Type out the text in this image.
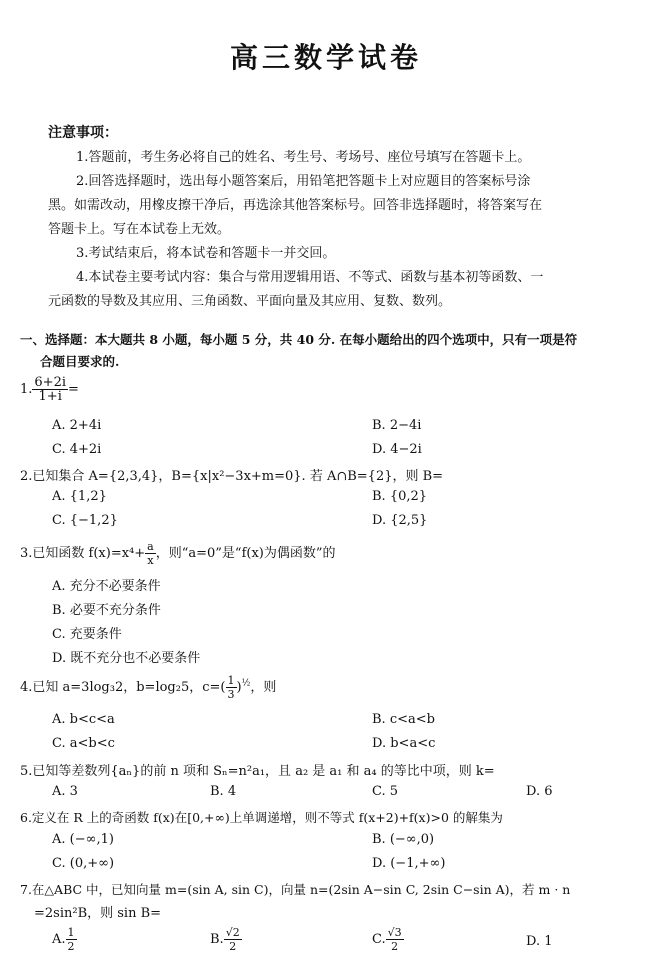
高三数学试卷
注意事项：
1.答题前，考生务必将自己的姓名、考生号、考场号、座位号填写在答题卡上。
2.回答选择题时，选出每小题答案后，用铅笔把答题卡上对应题目的答案标号涂
黑。如需改动，用橡皮擦干净后，再选涂其他答案标号。回答非选择题时，将答案写在
答题卡上。写在本试卷上无效。
3.考试结束后，将本试卷和答题卡一并交回。
4.本试卷主要考试内容：集合与常用逻辑用语、不等式、函数与基本初等函数、一
元函数的导数及其应用、三角函数、平面向量及其应用、复数、数列。
一、选择题：本大题共 8 小题，每小题 5 分，共 40 分. 在每小题给出的四个选项中，只有一项是符
合题目要求的.
1. $\frac{6+2i}{1+i}$ =
A. 2+4i	B. 2−4i
C. 4+2i	D. 4−2i
2.已知集合 A={2,3,4}，B={x|x²−3x+m=0}. 若 A∩B={2}，则 B=
A. {1,2}	B. {0,2}
C. {−1,2}	D. {2,5}
3.已知函数 $f(x)=x^4+ \frac{a}{x}$ ，则“a=0”是“f(x)为偶函数”的
A. 充分不必要条件
B. 必要不充分条件
C. 充要条件
D. 既不充分也不必要条件
4.已知 a=3log₃2，b=log₂5，$c=( \frac{1}{3} )^{\frac{1}{2}}$，则
A. b<c<a	B. c<a<b
C. a<b<c	D. b<a<c
5.已知等差数列{aₙ}的前 n 项和 Sₙ=n²a₁，且 a₂ 是 a₁ 和 a₄ 的等比中项，则 k=
A. 3	B. 4	C. 5	D. 6
6.定义在 R 上的奇函数 f(x)在[0,+∞)上单调递增，则不等式 f(x+2)+f(x)>0 的解集为
A. (−∞,1)	B. (−∞,0)
C. (0,+∞)	D. (−1,+∞)
7.在△ABC 中，已知向量 m=(sin A, sin C)，向量 n=(2sin A−sin C, 2sin C−sin A)，若 m · n
=2sin²B，则 sin B=
A. $\frac{1}{2}$	B. $\frac{√2}{2}$	C. $\frac{√3}{2}$	D. 1
